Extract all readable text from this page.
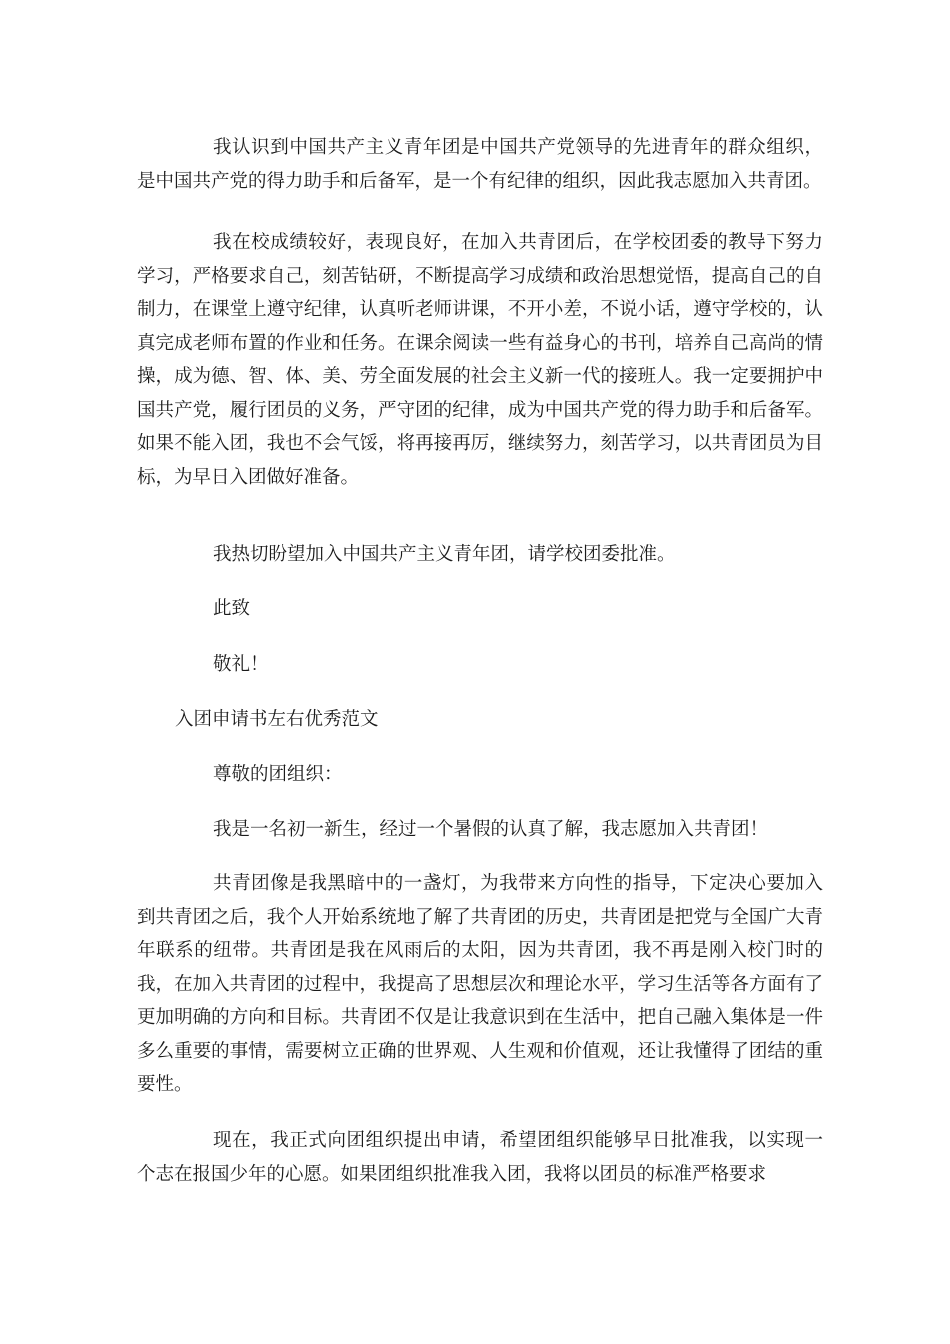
我认识到中国共产主义青年团是中国共产党领导的先进青年的群众组织，是中国共产党的得力助手和后备军，是一个有纪律的组织，因此我志愿加入共青团。

我在校成绩较好，表现良好，在加入共青团后，在学校团委的教导下努力学习，严格要求自己，刻苦钻研，不断提高学习成绩和政治思想觉悟，提高自己的自制力，在课堂上遵守纪律，认真听老师讲课，不开小差，不说小话，遵守学校的，认真完成老师布置的作业和任务。在课余阅读一些有益身心的书刊，培养自己高尚的情操，成为德、智、体、美、劳全面发展的社会主义新一代的接班人。我一定要拥护中国共产党，履行团员的义务，严守团的纪律，成为中国共产党的得力助手和后备军。如果不能入团，我也不会气馁，将再接再厉，继续努力，刻苦学习，以共青团员为目标，为早日入团做好准备。

我热切盼望加入中国共产主义青年团，请学校团委批准。

此致

敬礼！

入团申请书左右优秀范文

尊敬的团组织：

我是一名初一新生，经过一个暑假的认真了解，我志愿加入共青团！

共青团像是我黑暗中的一盏灯，为我带来方向性的指导，下定决心要加入到共青团之后，我个人开始系统地了解了共青团的历史，共青团是把党与全国广大青年联系的纽带。共青团是我在风雨后的太阳，因为共青团，我不再是刚入校门时的我，在加入共青团的过程中，我提高了思想层次和理论水平，学习生活等各方面有了更加明确的方向和目标。共青团不仅是让我意识到在生活中，把自己融入集体是一件多么重要的事情，需要树立正确的世界观、人生观和价值观，还让我懂得了团结的重要性。

现在，我正式向团组织提出申请，希望团组织能够早日批准我，以实现一个志在报国少年的心愿。如果团组织批准我入团，我将以团员的标准严格要求
